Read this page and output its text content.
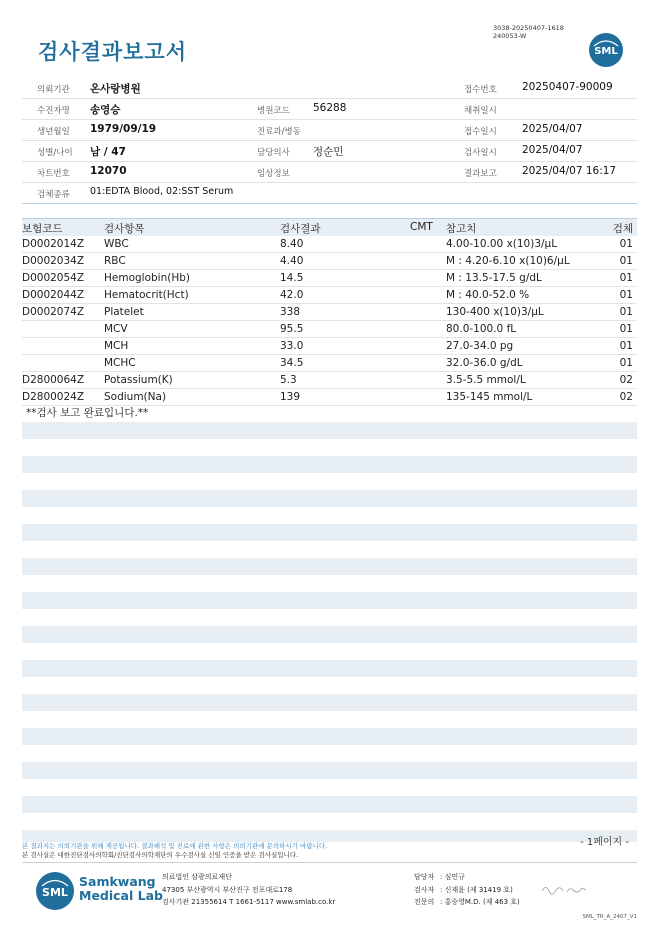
검사결과보고서
3038-20250407-1618
240053-W
SML
의뢰기관 온사랑병원	접수번호 20250407-90009
수진자명 송영승	병원코드 56288	채취일시
생년월일 1979/09/19	진료과/병동	접수일시 2025/04/07
성별/나이 남 / 47	담당의사 정순민	검사일시 2025/04/07
차트번호 12070	임상정보	결과보고 2025/04/07 16:17
검체종류 01:EDTA Blood, 02:SST Serum
보험코드	검사항목	검사결과	CMT 참고치	검체
D0002014Z WBC	8.40	4.00-10.00 x(10)3/μL	01
D0002034Z RBC	4.40	M : 4.20-6.10 x(10)6/μL	01
D0002054Z Hemoglobin(Hb)	14.5	M : 13.5-17.5 g/dL	01
D0002044Z Hematocrit(Hct)	42.0	M : 40.0-52.0 %	01
D0002074Z Platelet	338	130-400 x(10)3/μL	01
MCV	95.5	80.0-100.0 fL	01
MCH	33.0	27.0-34.0 pg	01
MCHC	34.5	32.0-36.0 g/dL	01
D2800064Z Potassium(K)	5.3	3.5-5.5 mmol/L	02
D2800024Z Sodium(Na)	139	135-145 mmol/L	02
**검사 보고 완료입니다.**
- 1페이지 -
본 결과지는 의뢰기관을 위해 제공됩니다. 결과해석 및 진료에 관한 사항은 의뢰기관에 문의하시기 바랍니다.
본 검사실은 대한진단검사의학회/진단검사의학재단의 우수검사실 신임 인증을 받은 검사실입니다.
SML
Samkwang
Medical Lab
의료법인 삼광의료재단
47305 부산광역시 부산진구 전포대로178
검사기관 21355614 T 1661-5117 www.smlab.co.kr
담당자 : 심민규
검사자 : 신재윤 (제 31419 호)
전문의 : 홍승영M.D. (제 463 호)
SML_TR_A_2407_V1
